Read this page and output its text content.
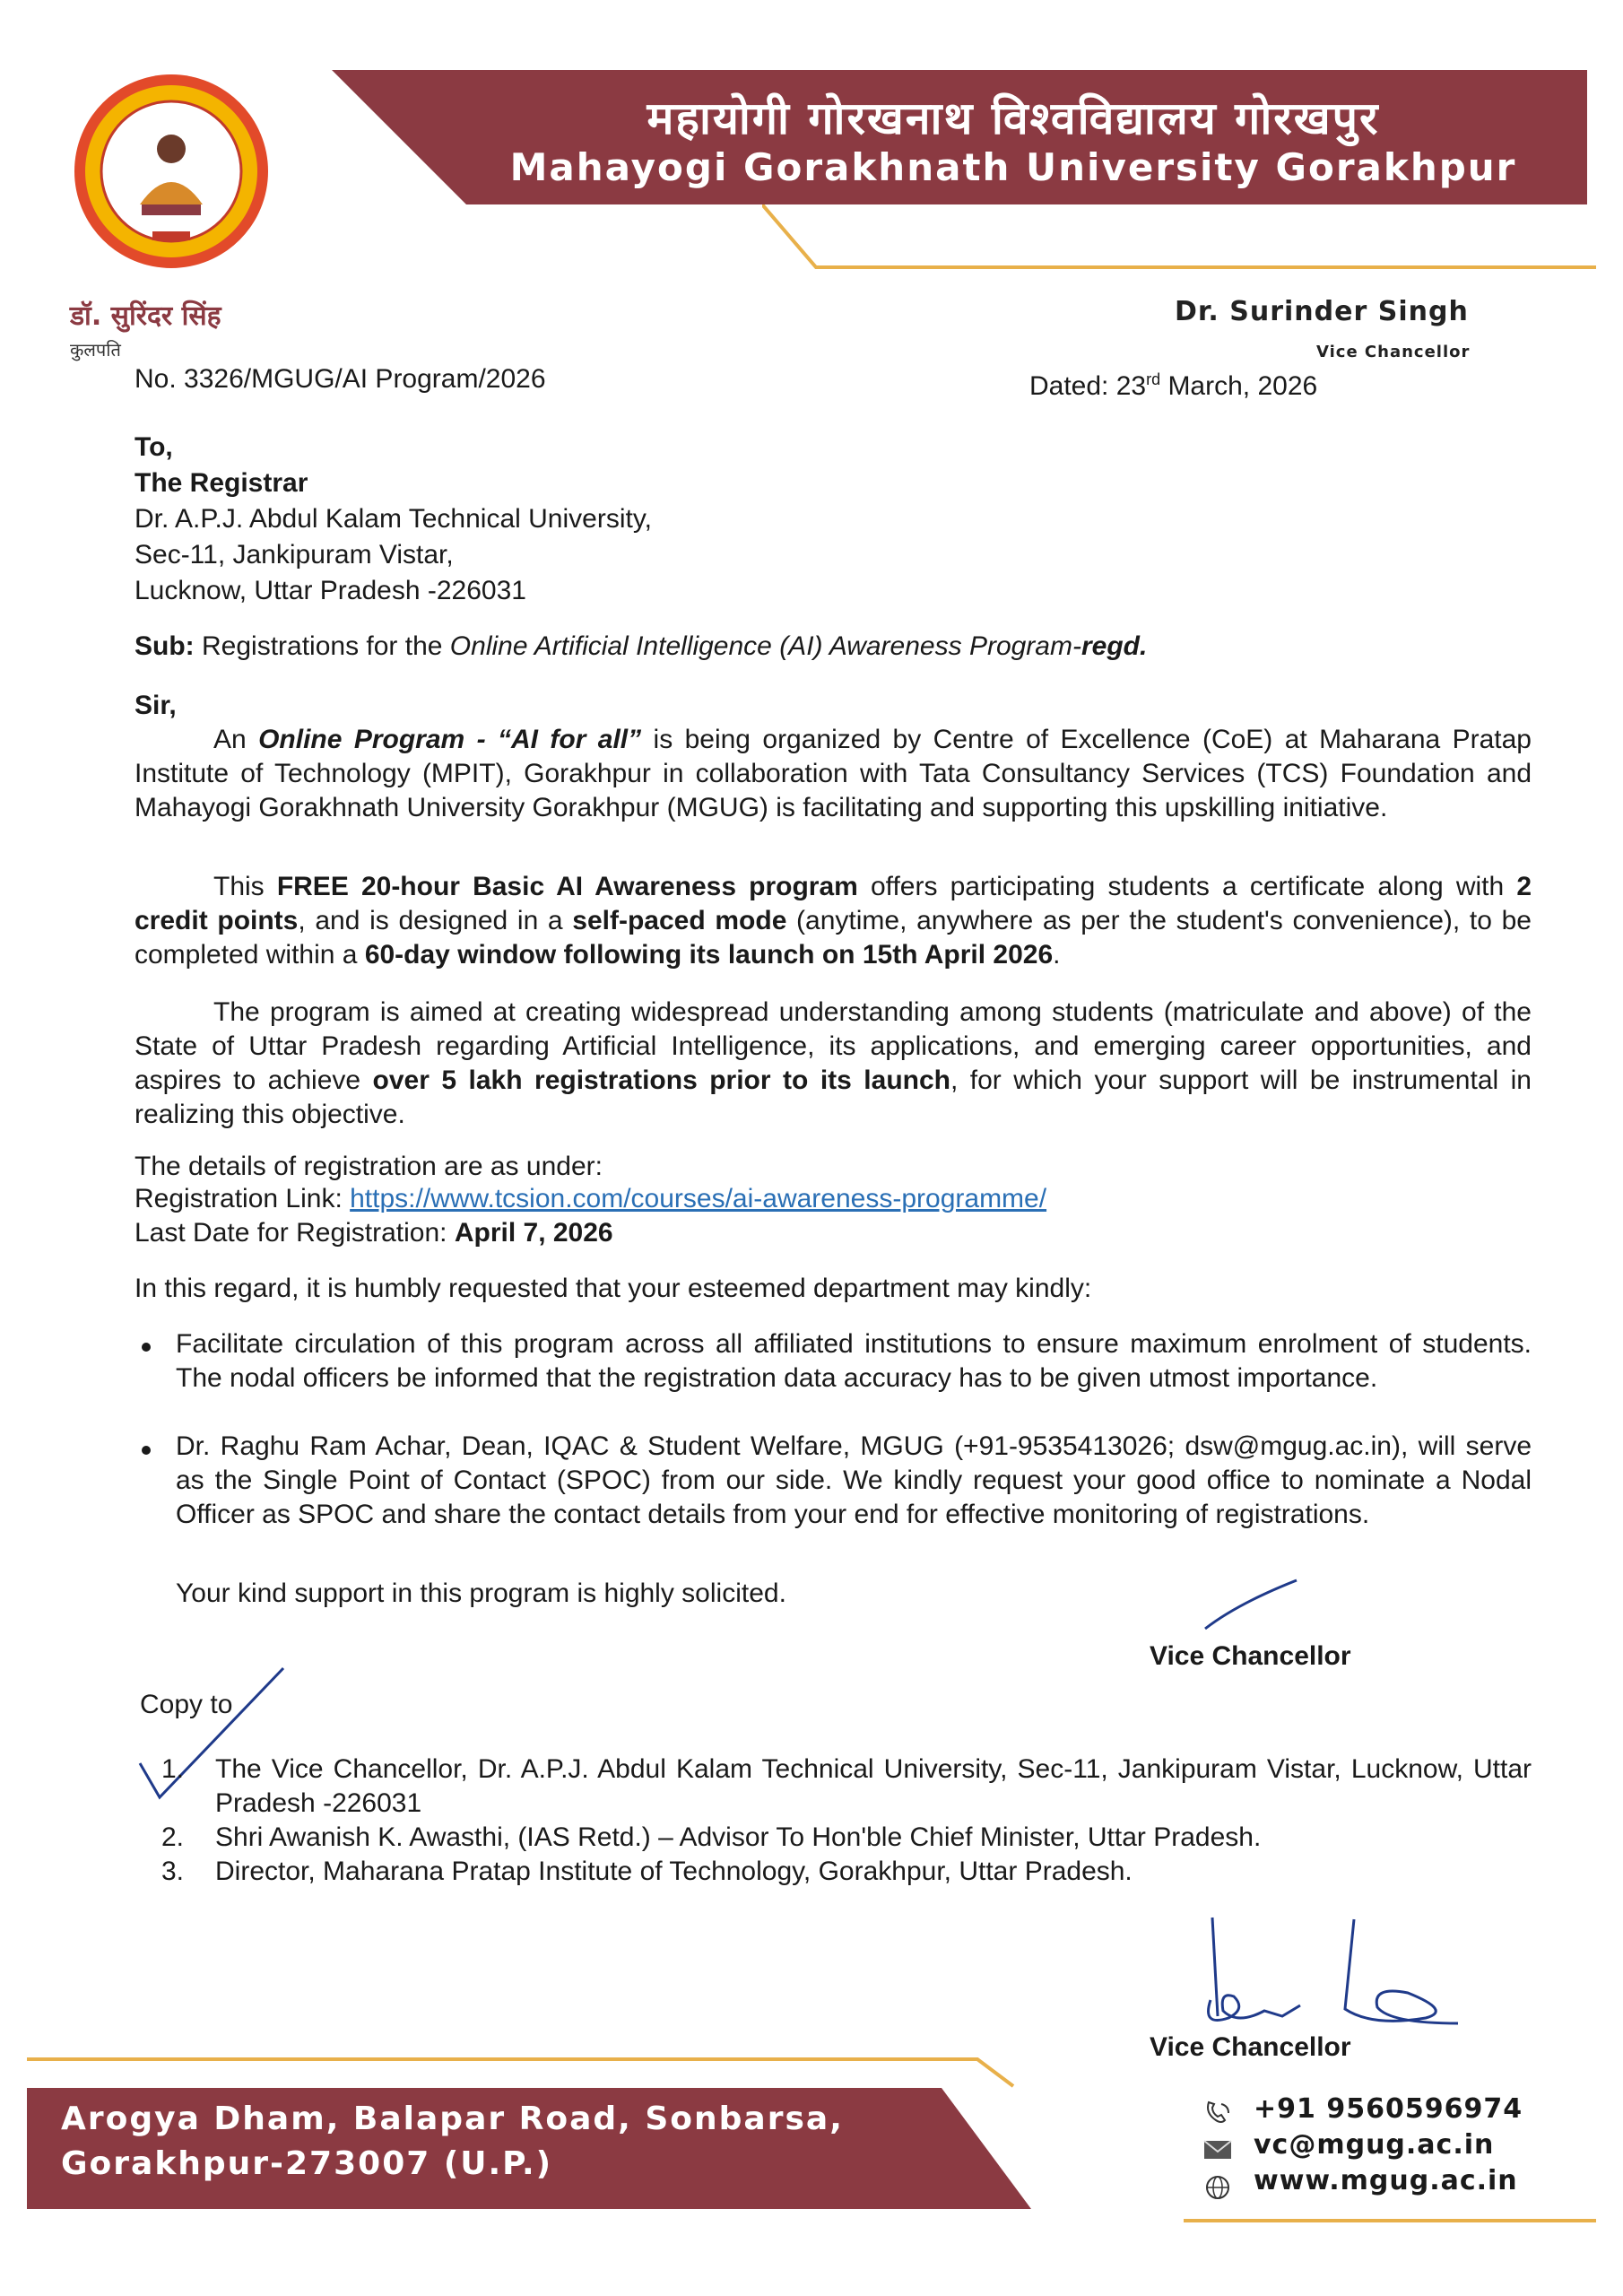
महायोगी गोरखनाथ विश्वविद्यालय गोरखपुर
Mahayogi Gorakhnath University Gorakhpur
डॉ. सुरिंदर सिंह
कुलपति
Dr. Surinder Singh
Vice Chancellor
No. 3326/MGUG/AI Program/2026	Dated: 23rd March, 2026
To,
The Registrar
Dr. A.P.J. Abdul Kalam Technical University,
Sec-11, Jankipuram Vistar,
Lucknow, Uttar Pradesh -226031
Sub: Registrations for the Online Artificial Intelligence (AI) Awareness Program-regd.
Sir,
An Online Program - “AI for all” is being organized by Centre of Excellence (CoE) at Maharana Pratap Institute of Technology (MPIT), Gorakhpur in collaboration with Tata Consultancy Services (TCS) Foundation and Mahayogi Gorakhnath University Gorakhpur (MGUG) is facilitating and supporting this upskilling initiative.
This FREE 20-hour Basic AI Awareness program offers participating students a certificate along with 2 credit points, and is designed in a self-paced mode (anytime, anywhere as per the student's convenience), to be completed within a 60-day window following its launch on 15th April 2026.
The program is aimed at creating widespread understanding among students (matriculate and above) of the State of Uttar Pradesh regarding Artificial Intelligence, its applications, and emerging career opportunities, and aspires to achieve over 5 lakh registrations prior to its launch, for which your support will be instrumental in realizing this objective.
The details of registration are as under:
Registration Link: https://www.tcsion.com/courses/ai-awareness-programme/
Last Date for Registration: April 7, 2026
In this regard, it is humbly requested that your esteemed department may kindly:
Facilitate circulation of this program across all affiliated institutions to ensure maximum enrolment of students. The nodal officers be informed that the registration data accuracy has to be given utmost importance.
Dr. Raghu Ram Achar, Dean, IQAC & Student Welfare, MGUG (+91-9535413026; dsw@mgug.ac.in), will serve as the Single Point of Contact (SPOC) from our side. We kindly request your good office to nominate a Nodal Officer as SPOC and share the contact details from your end for effective monitoring of registrations.
Your kind support in this program is highly solicited.
Vice Chancellor
Copy to
1. The Vice Chancellor, Dr. A.P.J. Abdul Kalam Technical University, Sec-11, Jankipuram Vistar, Lucknow, Uttar Pradesh -226031
2. Shri Awanish K. Awasthi, (IAS Retd.) – Advisor To Hon'ble Chief Minister, Uttar Pradesh.
3. Director, Maharana Pratap Institute of Technology, Gorakhpur, Uttar Pradesh.
Vice Chancellor
Arogya Dham, Balapar Road, Sonbarsa,
Gorakhpur-273007 (U.P.)
+91 9560596974
vc@mgug.ac.in
www.mgug.ac.in
